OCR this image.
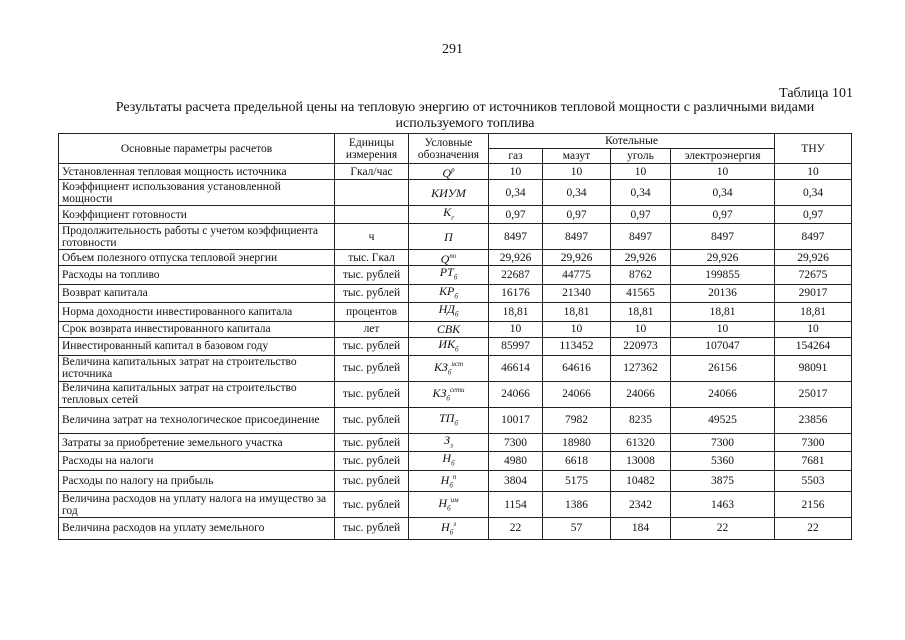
291
Таблица 101
Результаты расчета предельной цены на тепловую энергию от источников тепловой мощности с различными видами используемого топлива
Основные параметры расчетов	Единицы измерения	Условные обозначения	Котельные				ТНУ
			газ	мазут	уголь	электроэнергия	
Установленная тепловая мощность источника	Гкал/час	$Q^р$	10	10	10	10	10
Коэффициент использования установленной мощности		КИУМ	0,34	0,34	0,34	0,34	0,34
Коэффициент готовности		$К_г$	0,97	0,97	0,97	0,97	0,97
Продолжительность работы с учетом коэффициента готовности	ч	П	8497	8497	8497	8497	8497
Объем полезного отпуска тепловой энергии	тыс. Гкал	$Q^{по}$	29,926	29,926	29,926	29,926	29,926
Расходы на топливо	тыс. рублей	$РТ_б$	22687	44775	8762	199855	72675
Возврат капитала	тыс. рублей	$КР_б$	16176	21340	41565	20136	29017
Норма доходности инвестированного капитала	процентов	$НД_б$	18,81	18,81	18,81	18,81	18,81
Срок возврата инвестированного капитала	лет	СВК	10	10	10	10	10
Инвестированный капитал в базовом году	тыс. рублей	$ИК_б$	85997	113452	220973	107047	154264
Величина капитальных затрат на строительство источника	тыс. рублей	$КЗ_б^{ист}$	46614	64616	127362	26156	98091
Величина капитальных затрат на строительство тепловых сетей	тыс. рублей	$КЗ_б^{сети}$	24066	24066	24066	24066	25017
Величина затрат на технологическое присоединение	тыс. рублей	$ТП_б$	10017	7982	8235	49525	23856
Затраты за приобретение земельного участка	тыс. рублей	$З_з$	7300	18980	61320	7300	7300
Расходы на налоги	тыс. рублей	$Н_б$	4980	6618	13008	5360	7681
Расходы по налогу на прибыль	тыс. рублей	$Н_б^п$	3804	5175	10482	3875	5503
Величина расходов на уплату налога на имущество за год	тыс. рублей	$Н_б^{им}$	1154	1386	2342	1463	2156
Величина расходов на уплату земельного	тыс. рублей	$Н_б^з$	22	57	184	22	22
